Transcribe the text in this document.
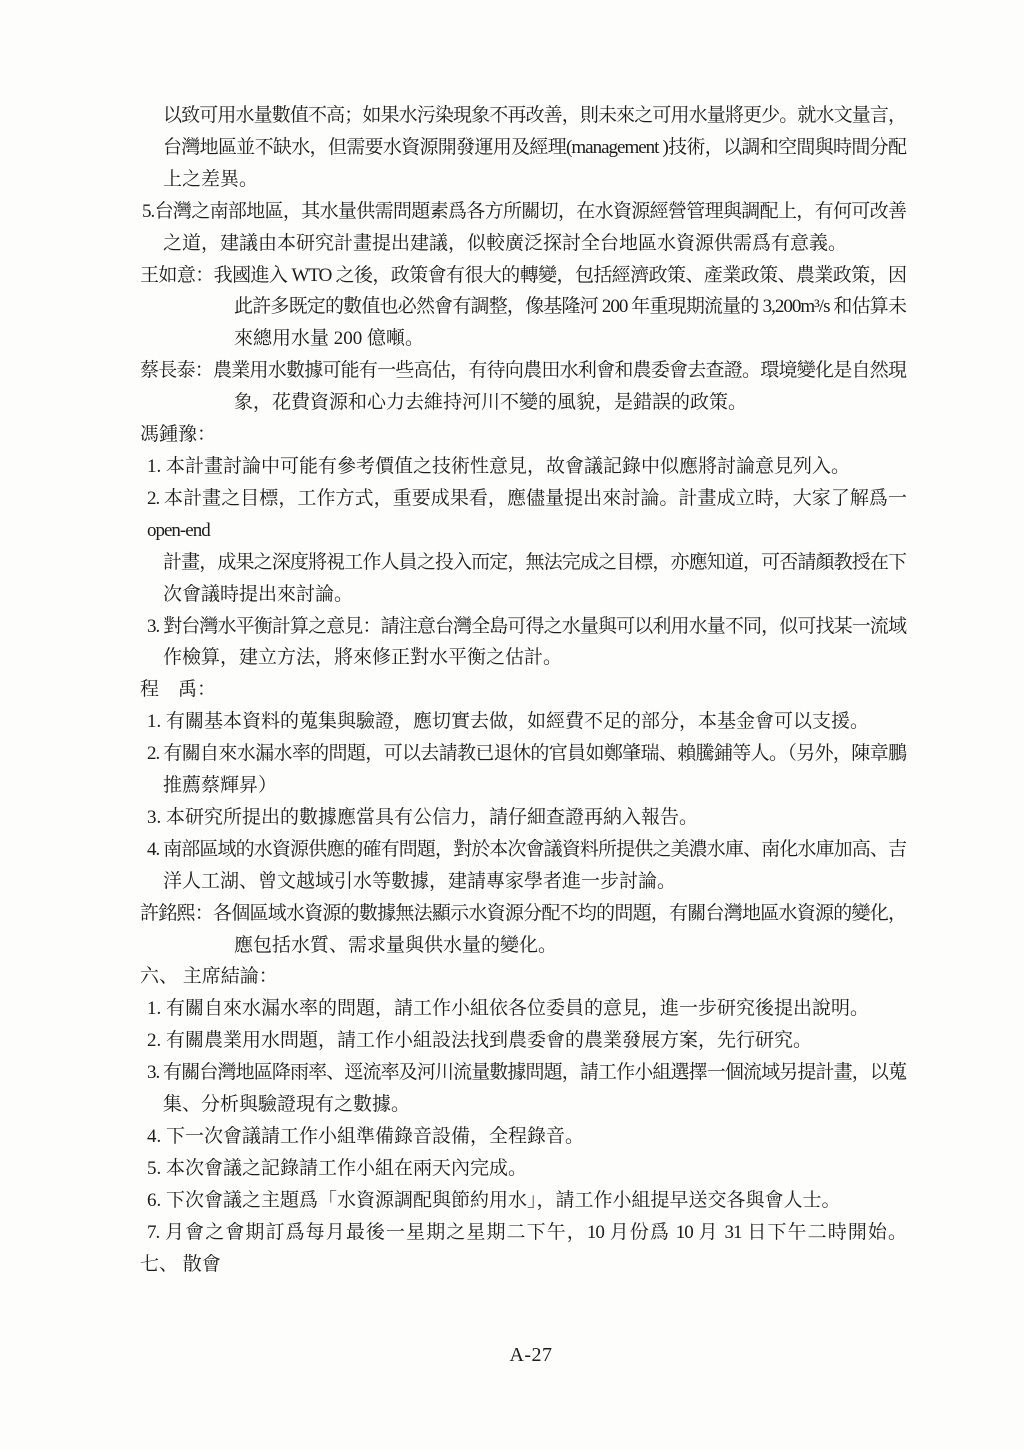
以致可用水量數值不高；如果水污染現象不再改善，則未來之可用水量將更少。就水文量言，
台灣地區並不缺水，但需要水資源開發運用及經理(management )技術，以調和空間與時間分配
上之差異。
5.台灣之南部地區，其水量供需問題素爲各方所關切，在水資源經營管理與調配上，有何可改善
之道，建議由本研究計畫提出建議，似較廣泛探討全台地區水資源供需爲有意義。
王如意：我國進入 WTO 之後，政策會有很大的轉變，包括經濟政策、產業政策、農業政策，因
此許多既定的數值也必然會有調整，像基隆河 200 年重現期流量的 3,200m³/s 和估算未
來總用水量 200 億噸。
蔡長泰：農業用水數據可能有一些高估，有待向農田水利會和農委會去查證。環境變化是自然現
象，花費資源和心力去維持河川不變的風貌，是錯誤的政策。
馮鍾豫：
1. 本計畫討論中可能有參考價值之技術性意見，故會議記錄中似應將討論意見列入。
2. 本計畫之目標，工作方式，重要成果看，應儘量提出來討論。計畫成立時，大家了解爲一 open-end
計畫，成果之深度將視工作人員之投入而定，無法完成之目標，亦應知道，可否請顏教授在下
次會議時提出來討論。
3. 對台灣水平衡計算之意見：請注意台灣全島可得之水量與可以利用水量不同，似可找某一流域
作檢算，建立方法，將來修正對水平衡之估計。
程　禹：
1. 有關基本資料的蒐集與驗證，應切實去做，如經費不足的部分，本基金會可以支援。
2. 有關自來水漏水率的問題，可以去請教已退休的官員如鄭肇瑞、賴騰鋪等人。（另外，陳章鵬
推薦蔡輝昇）
3. 本研究所提出的數據應當具有公信力，請仔細查證再納入報告。
4. 南部區域的水資源供應的確有問題，對於本次會議資料所提供之美濃水庫、南化水庫加高、吉
洋人工湖、曾文越域引水等數據，建請專家學者進一步討論。
許銘熙：各個區域水資源的數據無法顯示水資源分配不均的問題，有關台灣地區水資源的變化，
應包括水質、需求量與供水量的變化。
六、 主席結論：
1. 有關自來水漏水率的問題，請工作小組依各位委員的意見，進一步研究後提出說明。
2. 有關農業用水問題，請工作小組設法找到農委會的農業發展方案，先行研究。
3. 有關台灣地區降雨率、逕流率及河川流量數據問題，請工作小組選擇一個流域另提計畫，以蒐
集、分析與驗證現有之數據。
4. 下一次會議請工作小組準備錄音設備，全程錄音。
5. 本次會議之記錄請工作小組在兩天內完成。
6. 下次會議之主題爲「水資源調配與節約用水」，請工作小組提早送交各與會人士。
7. 月會之會期訂爲每月最後一星期之星期二下午，10 月份爲 10 月 31 日下午二時開始。
七、 散會
A-27
